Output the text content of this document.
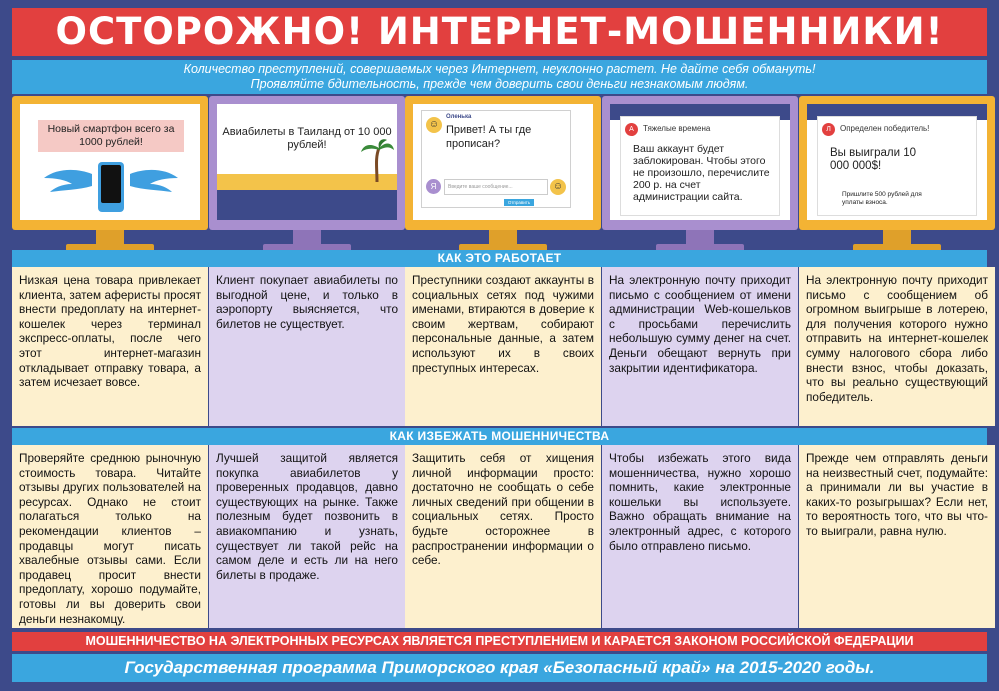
ОСТОРОЖНО! ИНТЕРНЕТ-МОШЕННИКИ!
Количество преступлений, совершаемых через Интернет, неуклонно растет. Не дайте себя обмануть!
Проявляйте бдительность, прежде чем доверить свои деньги незнакомым людям.
Новый смартфон всего за 1000 рублей!
Авиабилеты в Таиланд от 10 000 рублей!
☺
Оленька
Привет! А ты где прописан?
Я	Введите ваше сообщение...	☺
Отправить
А	Тяжелые времена
Ваш аккаунт будет заблокирован. Чтобы этого не произошло, перечислите 200 р. на счет администрации сайта.
Л	Определен победитель!
Вы выиграли 10 000 000$!
Пришлите 500 рублей для уплаты взноса.
КАК ЭТО РАБОТАЕТ
Низкая цена товара привлекает клиента, затем аферисты просят внести предоплату на интернет-кошелек через терминал экспресс-оплаты, после чего этот интернет-магазин откладывает отправку товара, а затем исчезает вовсе.
Клиент покупает авиабилеты по выгодной цене, и только в аэропорту выясняется, что билетов не существует.
Преступники создают аккаунты в социальных сетях под чужими именами, втираются в доверие к своим жертвам, собирают персональные данные, а затем используют их в своих преступных интересах.
На электронную почту приходит письмо с сообщением от имени администрации Web-кошельков с просьбами перечислить небольшую сумму денег на счет. Деньги обещают вернуть при закрытии идентификатора.
На электронную почту приходит письмо с сообщением об огромном выигрыше в лотерею, для получения которого нужно отправить на интернет-кошелек сумму налогового сбора либо внести взнос, чтобы доказать, что вы реально существующий победитель.
КАК ИЗБЕЖАТЬ МОШЕННИЧЕСТВА
Проверяйте среднюю рыночную стоимость товара. Читайте отзывы других пользователей на ресурсах. Однако не стоит полагаться только на рекомендации клиентов – продавцы могут писать хвалебные отзывы сами. Если продавец просит внести предоплату, хорошо подумайте, готовы ли вы доверить свои деньги незнакомцу.
Лучшей защитой является покупка авиабилетов у проверенных продавцов, давно существующих на рынке. Также полезным будет позвонить в авиакомпанию и узнать, существует ли такой рейс на самом деле и есть ли на него билеты в продаже.
Защитить себя от хищения личной информации просто: достаточно не сообщать о себе личных сведений при общении в социальных сетях. Просто будьте осторожнее в распространении информации о себе.
Чтобы избежать этого вида мошенничества, нужно хорошо помнить, какие электронные кошельки вы используете. Важно обращать внимание на электронный адрес, с которого было отправлено письмо.
Прежде чем отправлять деньги на неизвестный счет, подумайте: а принимали ли вы участие в каких-то розыгрышах? Если нет, то вероятность того, что вы что-то выиграли, равна нулю.
МОШЕННИЧЕСТВО НА ЭЛЕКТРОННЫХ РЕСУРСАХ ЯВЛЯЕТСЯ ПРЕСТУПЛЕНИЕМ И КАРАЕТСЯ ЗАКОНОМ РОССИЙСКОЙ ФЕДЕРАЦИИ
Государственная программа Приморского края «Безопасный край» на 2015-2020 годы.
